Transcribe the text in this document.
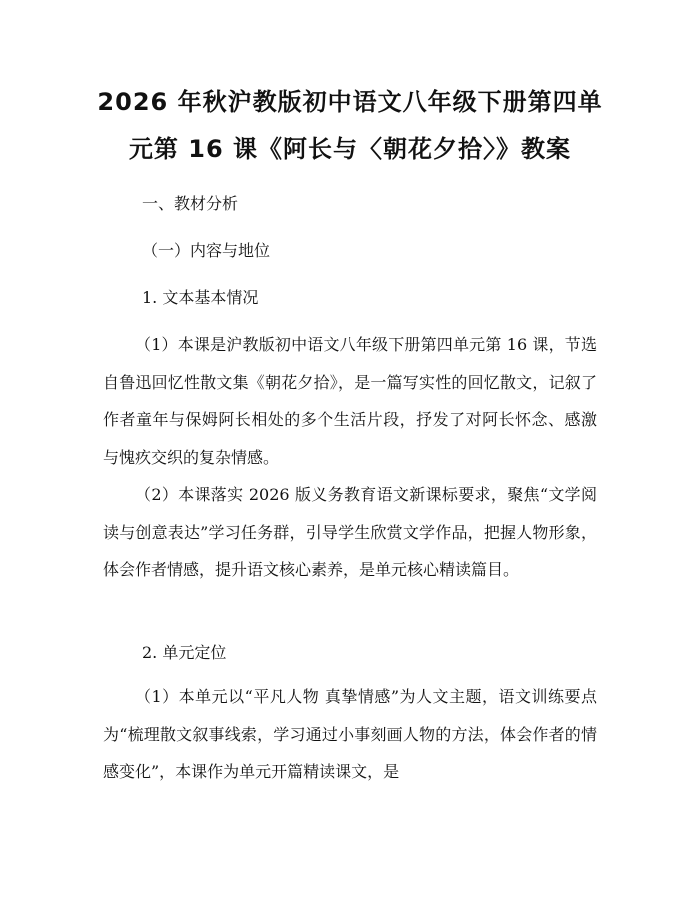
2026 年秋沪教版初中语文八年级下册第四单
元第 16 课《阿长与〈朝花夕拾〉》教案
一、教材分析
（一）内容与地位
1. 文本基本情况
（1）本课是沪教版初中语文八年级下册第四单元第 16 课，节选自鲁迅回忆性散文集《朝花夕拾》，是一篇写实性的回忆散文，记叙了作者童年与保姆阿长相处的多个生活片段，抒发了对阿长怀念、感激与愧疚交织的复杂情感。
（2）本课落实 2026 版义务教育语文新课标要求，聚焦“文学阅读与创意表达”学习任务群，引导学生欣赏文学作品，把握人物形象，体会作者情感，提升语文核心素养，是单元核心精读篇目。
2. 单元定位
（1）本单元以“平凡人物 真挚情感”为人文主题，语文训练要点为“梳理散文叙事线索，学习通过小事刻画人物的方法，体会作者的情感变化”，本课作为单元开篇精读课文，是
